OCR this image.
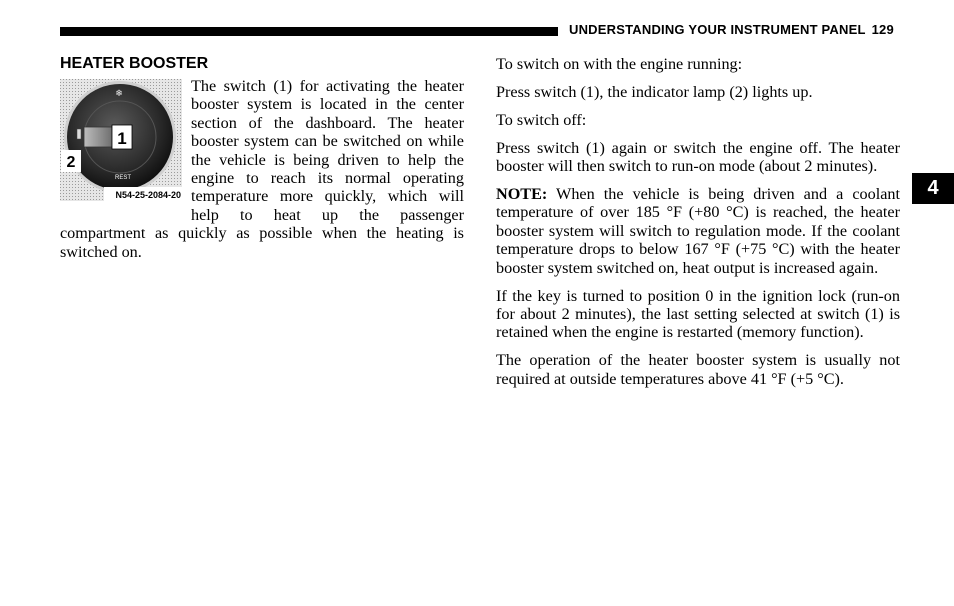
UNDERSTANDING YOUR INSTRUMENT PANEL 129
HEATER BOOSTER
The switch (1) for activating the heater booster system is located in the center section of the dashboard. The heater booster system can be switched on while the vehicle is being driven to help the engine to reach its normal operating temperature more quickly, which will help to heat up the passenger compartment as quickly as possible when the heating is switched on.
❄
1
2
REST
N54-25-2084-20

To switch on with the engine running:

Press switch (1), the indicator lamp (2) lights up.

To switch off:

Press switch (1) again or switch the engine off. The heater booster will then switch to run-on mode (about 2 minutes).

NOTE: When the vehicle is being driven and a coolant temperature of over 185 °F (+80 °C) is reached, the heater booster system will switch to regulation mode. If the coolant temperature drops to below 167 °F (+75 °C) with the heater booster system switched on, heat output is increased again.

If the key is turned to position 0 in the ignition lock (run-on for about 2 minutes), the last setting selected at switch (1) is retained when the engine is restarted (memory function).

The operation of the heater booster system is usually not required at outside temperatures above 41 °F (+5 °C).

4
